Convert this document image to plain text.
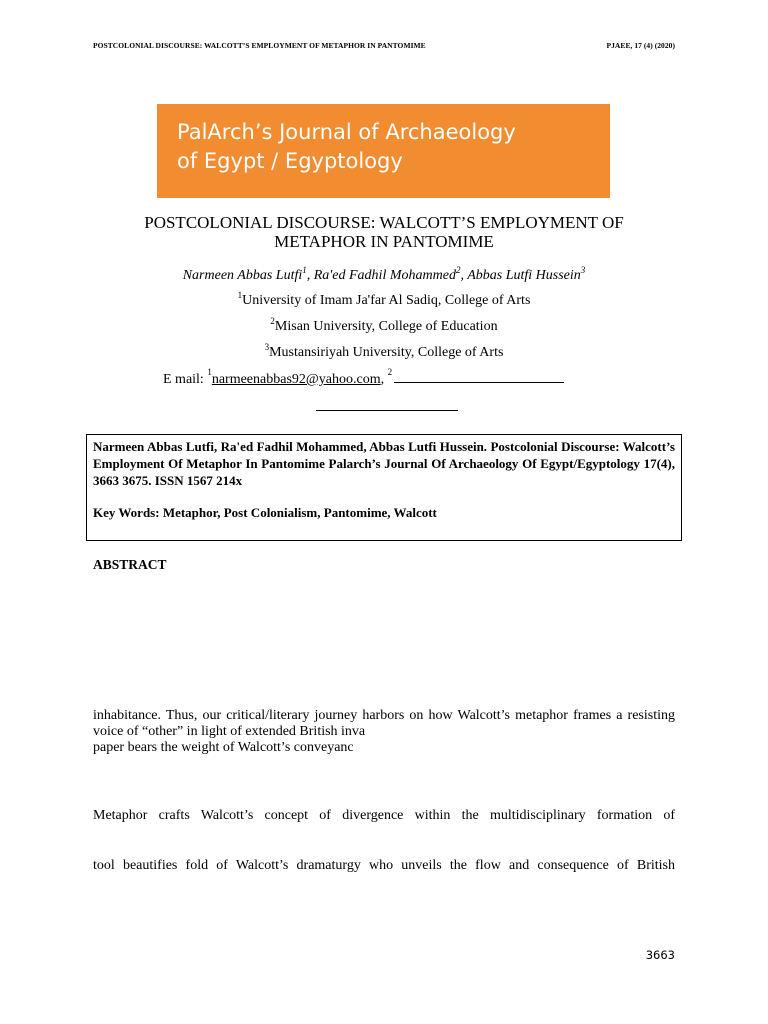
POSTCOLONIAL DISCOURSE: WALCOTT’S EMPLOYMENT OF METAPHOR IN PANTOMIME	PJAEE, 17 (4) (2020)
PalArch’s Journal of Archaeology
of Egypt / Egyptology
POSTCOLONIAL DISCOURSE: WALCOTT’S EMPLOYMENT OF
METAPHOR IN PANTOMIME
Narmeen Abbas Lutfi$^1$, Ra'ed Fadhil Mohammed$^2$, Abbas Lutfi Hussein$^3$
$^1$University of Imam Ja'far Al Sadiq, College of Arts
$^2$Misan University, College of Education
$^3$Mustansiriyah University, College of Arts
E mail: $^1$narmeenabbas92@yahoo.com, $^2$
Narmeen Abbas Lutfi, Ra'ed Fadhil Mohammed, Abbas Lutfi Hussein. Postcolonial Discourse: Walcott’s Employment Of Metaphor In Pantomime Palarch’s Journal Of Archaeology Of Egypt/Egyptology 17(4), 3663 3675. ISSN 1567 214x
Key Words: Metaphor, Post Colonialism, Pantomime, Walcott
ABSTRACT
inhabitance. Thus, our critical/literary journey harbors on how Walcott’s metaphor frames a resisting voice of “other” in light of extended British inva
paper bears the weight of Walcott’s conveyanc
Metaphor crafts Walcott’s concept of divergence within the multidisciplinary formation of
tool beautifies fold of Walcott’s dramaturgy who unveils the flow and consequence of British
3663
